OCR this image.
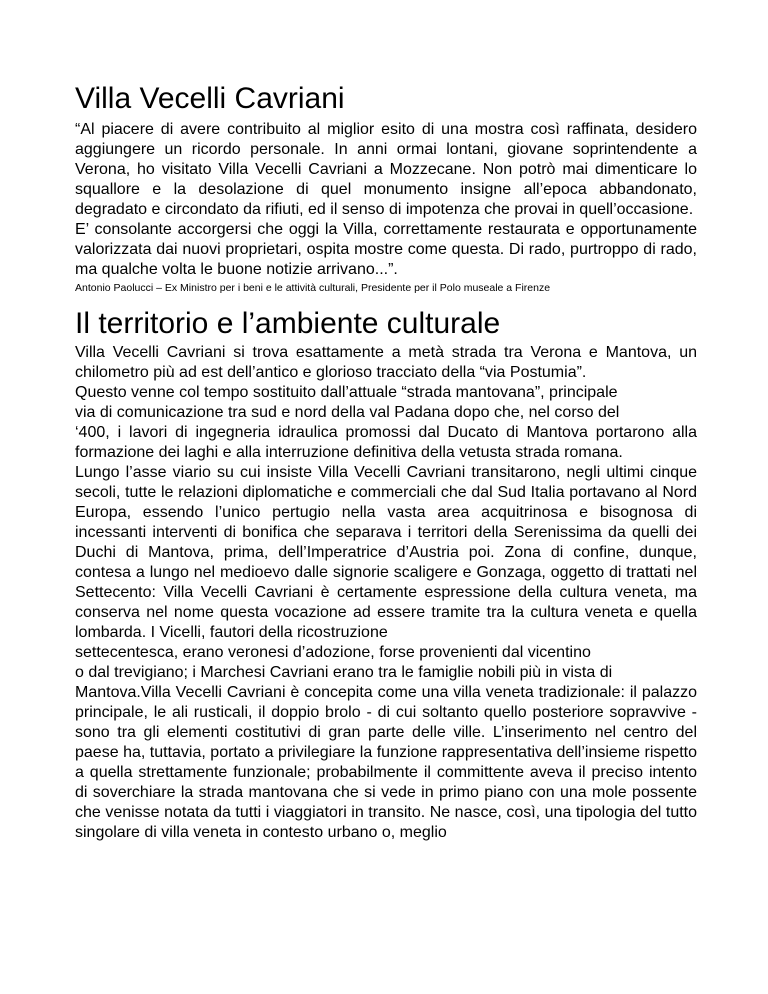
Villa Vecelli Cavriani

“Al piacere di avere contribuito al miglior esito di una mostra così raffinata, desidero aggiungere un ricordo personale. In anni ormai lontani, giovane soprintendente a Verona, ho visitato Villa Vecelli Cavriani a Mozzecane. Non potrò mai dimenticare lo squallore e la desolazione di quel monumento insigne all’epoca abbandonato, degradato e circondato da rifiuti, ed il senso di impotenza che provai in quell’occasione.

E’ consolante accorgersi che oggi la Villa, correttamente restaurata e opportunamente valorizzata dai nuovi proprietari, ospita mostre come questa. Di rado, purtroppo di rado, ma qualche volta le buone notizie arrivano...”.

Antonio Paolucci – Ex Ministro per i beni e le attività culturali, Presidente per il Polo museale a Firenze

Il territorio e l’ambiente culturale

Villa Vecelli Cavriani si trova esattamente a metà strada tra Verona e Mantova, un chilometro più ad est dell’antico e glorioso tracciato della “via Postumia”.

Questo venne col tempo sostituito dall’attuale “strada mantovana”, principale

via di comunicazione tra sud e nord della val Padana dopo che, nel corso del

‘400, i lavori di ingegneria idraulica promossi dal Ducato di Mantova portarono alla formazione dei laghi e alla interruzione definitiva della vetusta strada romana.

Lungo l’asse viario su cui insiste Villa Vecelli Cavriani transitarono, negli ultimi cinque secoli, tutte le relazioni diplomatiche e commerciali che dal Sud Italia portavano al Nord Europa, essendo l’unico pertugio nella vasta area acquitrinosa e bisognosa di incessanti interventi di bonifica che separava i territori della Serenissima da quelli dei Duchi di Mantova, prima, dell’Imperatrice d’Austria poi. Zona di confine, dunque, contesa a lungo nel medioevo dalle signorie scaligere e Gonzaga, oggetto di trattati nel Settecento: Villa Vecelli Cavriani è certamente espressione della cultura veneta, ma conserva nel nome questa vocazione ad essere tramite tra la cultura veneta e quella lombarda. I Vicelli, fautori della ricostruzione

settecentesca, erano veronesi d’adozione, forse provenienti dal vicentino

o dal trevigiano; i Marchesi Cavriani erano tra le famiglie nobili più in vista di

Mantova.Villa Vecelli Cavriani è concepita come una villa veneta tradizionale: il palazzo principale, le ali rusticali, il doppio brolo - di cui soltanto quello posteriore sopravvive - sono tra gli elementi costitutivi di gran parte delle ville. L’inserimento nel centro del paese ha, tuttavia, portato a privilegiare la funzione rappresentativa dell’insieme rispetto a quella strettamente funzionale; probabilmente il committente aveva il preciso intento di soverchiare la strada mantovana che si vede in primo piano con una mole possente che venisse notata da tutti i viaggiatori in transito. Ne nasce, così, una tipologia del tutto singolare di villa veneta in contesto urbano o, meglio
